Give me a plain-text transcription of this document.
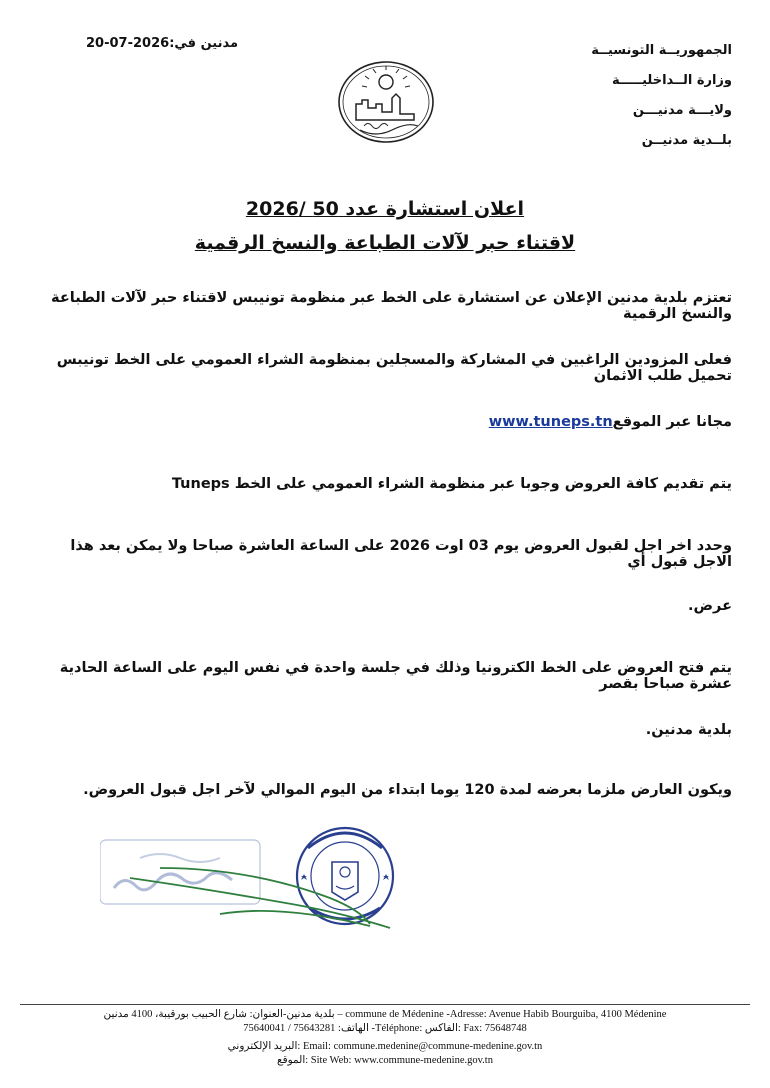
الجمهوريــة التونسيــة
وزارة الــداخليـــــة
ولايـــة مدنيـــن
بلــدية مدنيــن
مدنين في:2026-07-20
اعلان استشارة عدد 50 /2026
لاقتناء حبر لآلات الطباعة والنسخ الرقمية
تعتزم بلدية مدنين الإعلان عن استشارة على الخط عبر منظومة تونيبس لاقتناء حبر لآلات الطباعة والنسخ الرقمية
فعلى المزودين الراغبين في المشاركة والمسجلين بمنظومة الشراء العمومي على الخط تونيبس تحميل طلب الاثمان
مجانا عبر الموقعwww.tuneps.tn
يتم تقديم كافة العروض وجوبا عبر منظومة الشراء العمومي على الخط Tuneps
وحدد اخر اجل لقبول العروض يوم 03 اوت 2026 على الساعة العاشرة صباحا ولا يمكن بعد هذا الاجل قبول أي
عرض.
يتم فتح العروض على الخط الكترونيا وذلك في جلسة واحدة في نفس اليوم على الساعة الحادية عشرة صباحا بقصر
بلدية مدنين.
ويكون العارض ملزما بعرضه لمدة 120 يوما ابتداء من اليوم الموالي لآخر اجل قبول العروض.
بلدية مدنين-العنوان: شارع الحبيب بورقيبة، 4100 مدنين – commune de Médenine -Adresse: Avenue Habib Bourguiba, 4100 Médenine
الهاتف: 75643281 / 75640041 -Téléphone: الفاكس: Fax: 75648748
البريد الإلكتروني: Email: commune.medenine@commune-medenine.gov.tn
الموقع: Site Web: www.commune-medenine.gov.tn
